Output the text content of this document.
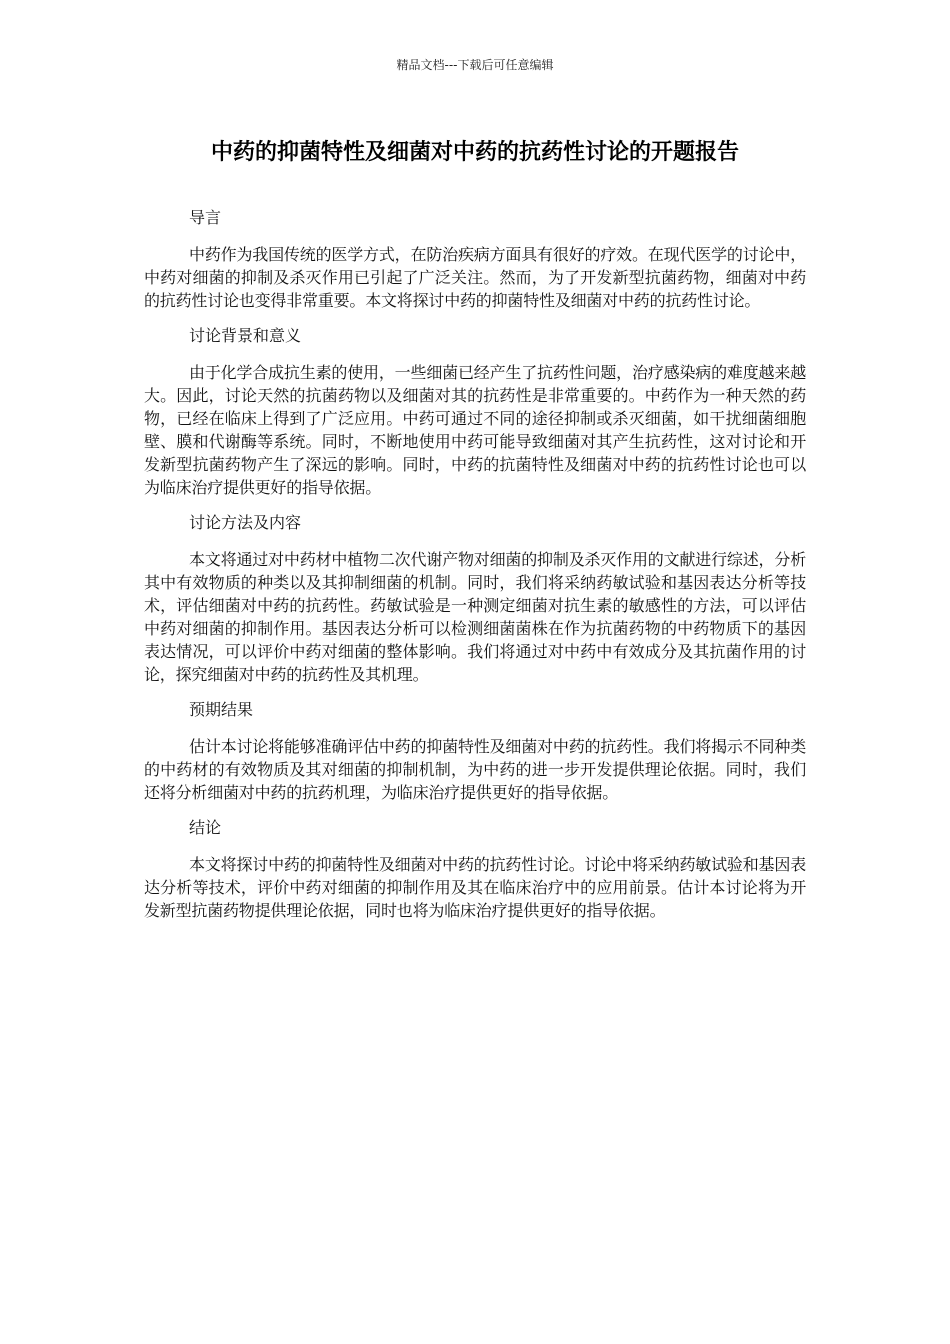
精品文档---下载后可任意编辑
中药的抑菌特性及细菌对中药的抗药性讨论的开题报告

导言

中药作为我国传统的医学方式，在防治疾病方面具有很好的疗效。在现代医学的讨论中，中药对细菌的抑制及杀灭作用已引起了广泛关注。然而，为了开发新型抗菌药物，细菌对中药的抗药性讨论也变得非常重要。本文将探讨中药的抑菌特性及细菌对中药的抗药性讨论。

讨论背景和意义

由于化学合成抗生素的使用，一些细菌已经产生了抗药性问题，治疗感染病的难度越来越大。因此，讨论天然的抗菌药物以及细菌对其的抗药性是非常重要的。中药作为一种天然的药物，已经在临床上得到了广泛应用。中药可通过不同的途径抑制或杀灭细菌，如干扰细菌细胞壁、膜和代谢酶等系统。同时，不断地使用中药可能导致细菌对其产生抗药性，这对讨论和开发新型抗菌药物产生了深远的影响。同时，中药的抗菌特性及细菌对中药的抗药性讨论也可以为临床治疗提供更好的指导依据。

讨论方法及内容

本文将通过对中药材中植物二次代谢产物对细菌的抑制及杀灭作用的文献进行综述，分析其中有效物质的种类以及其抑制细菌的机制。同时，我们将采纳药敏试验和基因表达分析等技术，评估细菌对中药的抗药性。药敏试验是一种测定细菌对抗生素的敏感性的方法，可以评估中药对细菌的抑制作用。基因表达分析可以检测细菌菌株在作为抗菌药物的中药物质下的基因表达情况，可以评价中药对细菌的整体影响。我们将通过对中药中有效成分及其抗菌作用的讨论，探究细菌对中药的抗药性及其机理。

预期结果

估计本讨论将能够准确评估中药的抑菌特性及细菌对中药的抗药性。我们将揭示不同种类的中药材的有效物质及其对细菌的抑制机制，为中药的进一步开发提供理论依据。同时，我们还将分析细菌对中药的抗药机理，为临床治疗提供更好的指导依据。

结论

本文将探讨中药的抑菌特性及细菌对中药的抗药性讨论。讨论中将采纳药敏试验和基因表达分析等技术，评价中药对细菌的抑制作用及其在临床治疗中的应用前景。估计本讨论将为开发新型抗菌药物提供理论依据，同时也将为临床治疗提供更好的指导依据。
